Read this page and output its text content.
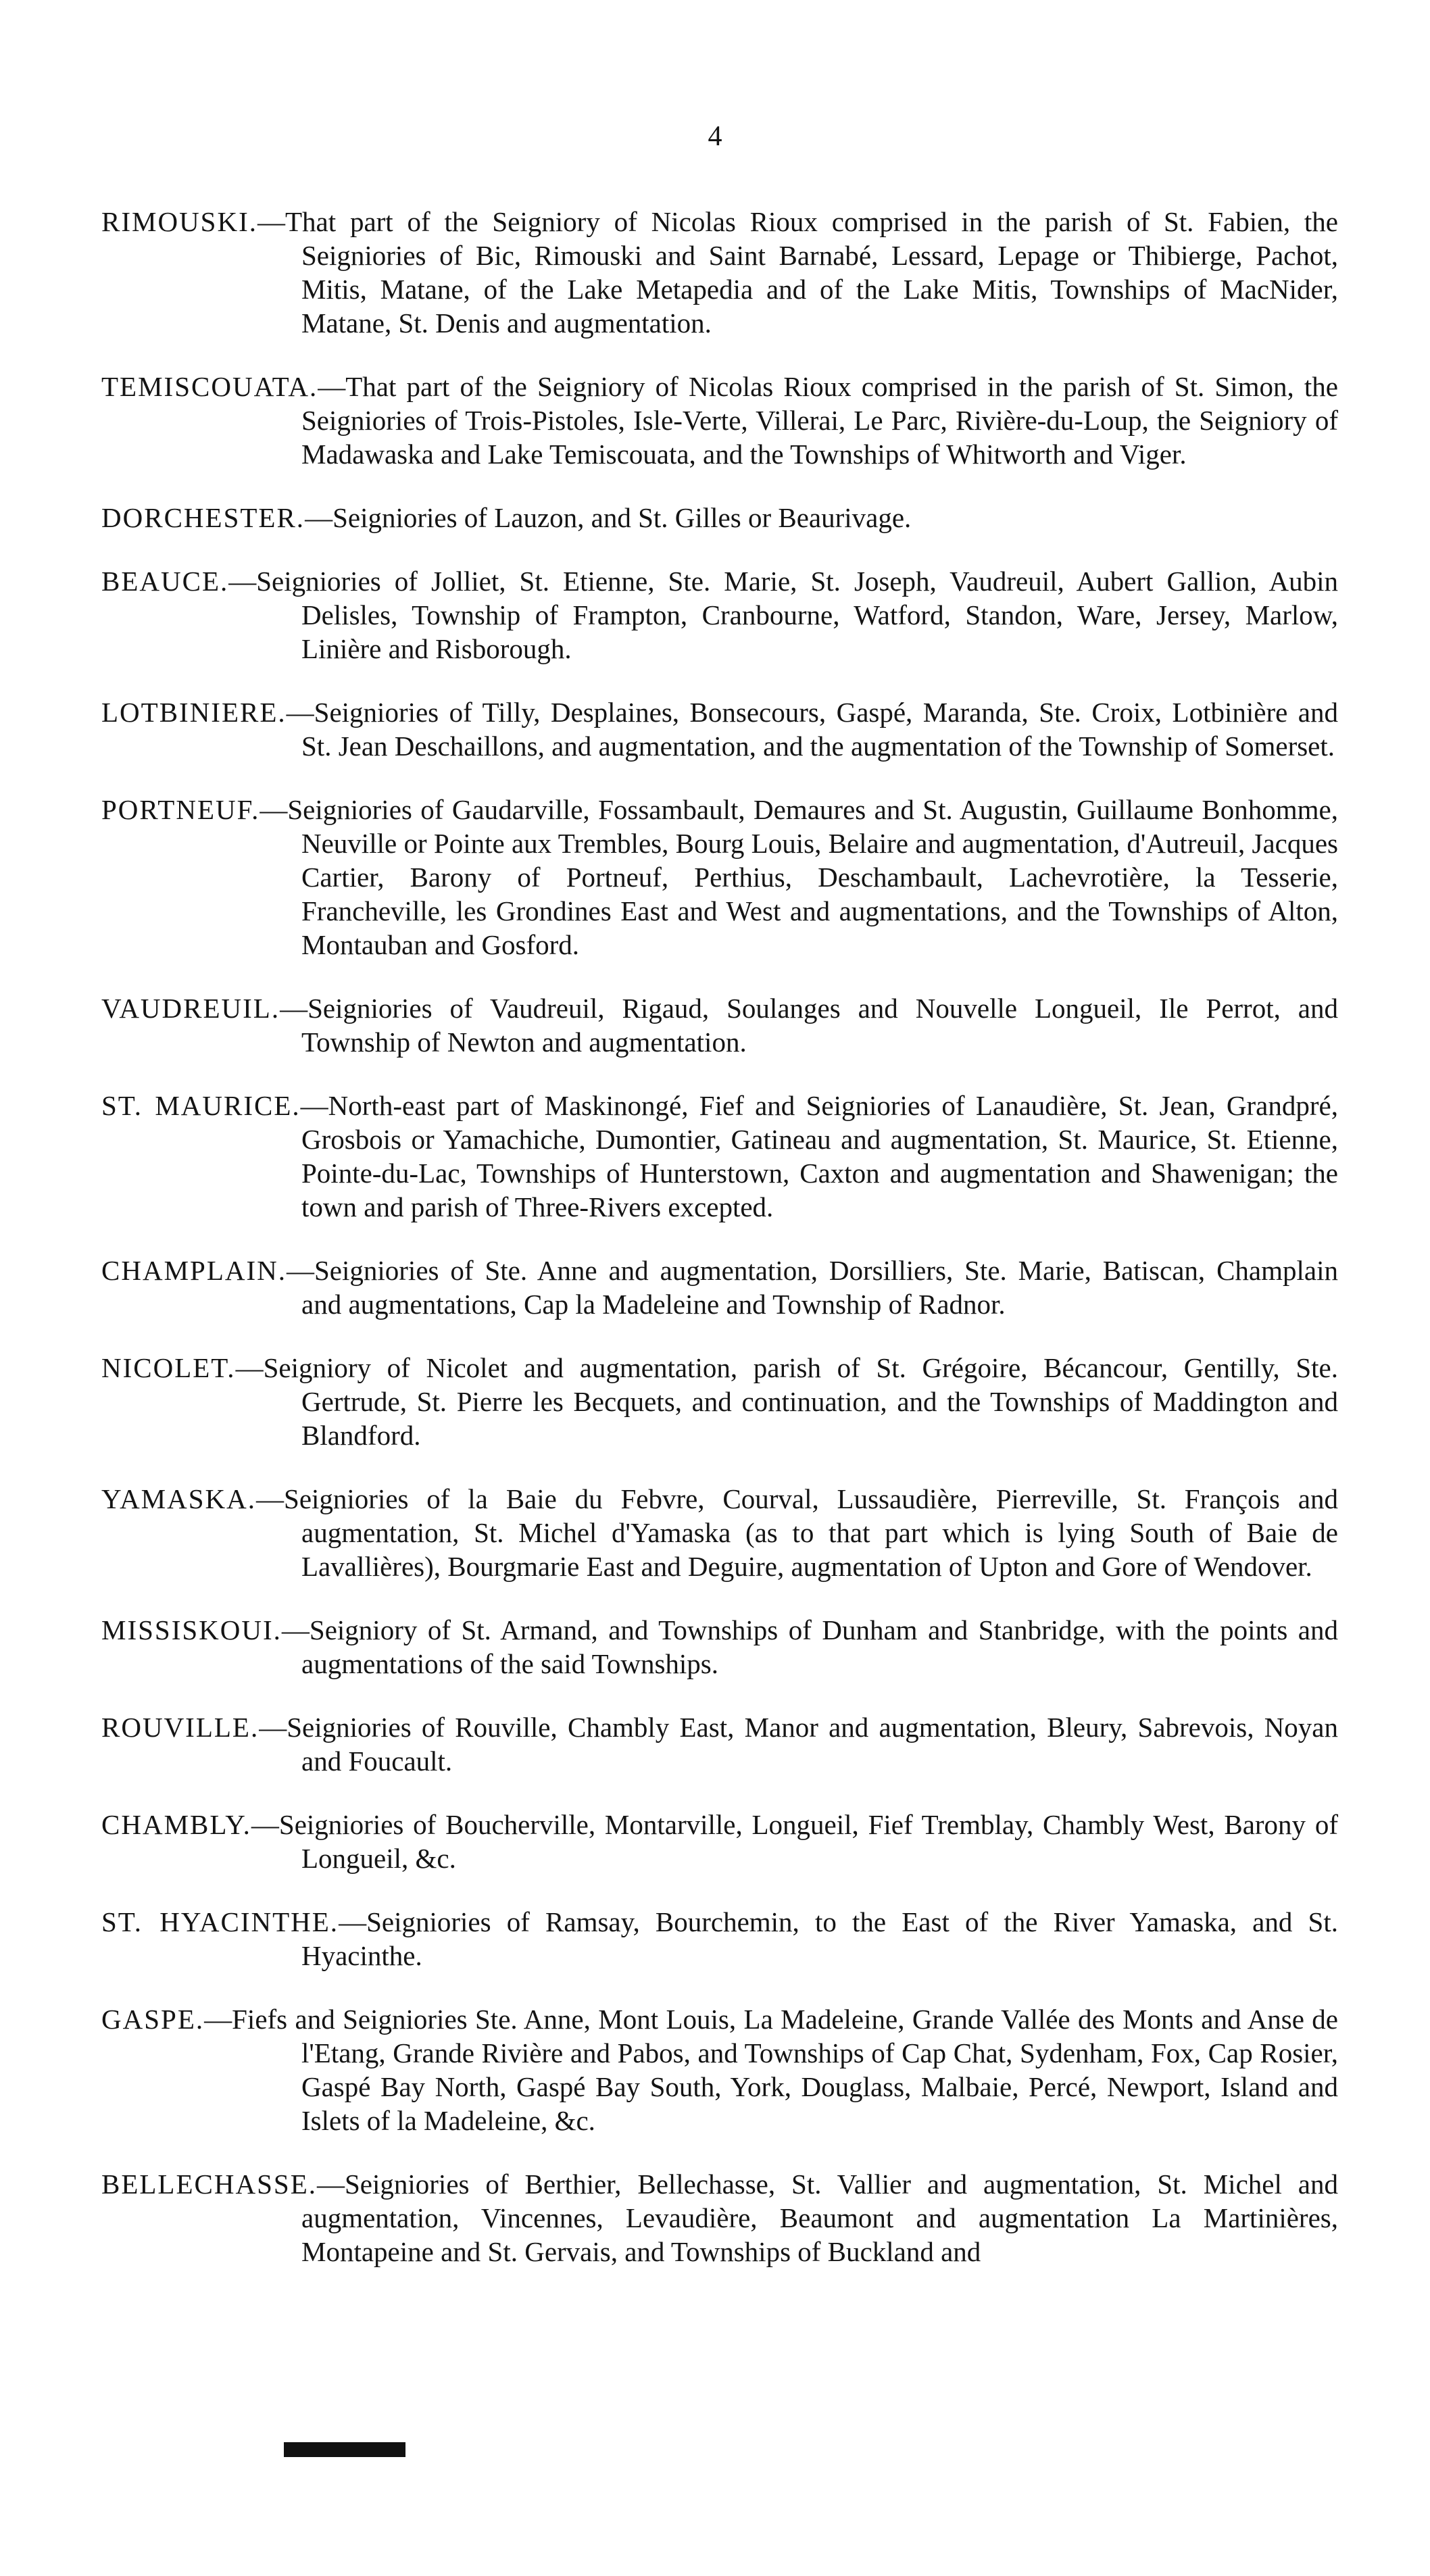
4

RIMOUSKI.—That part of the Seigniory of Nicolas Rioux comprised in the parish of St. Fabien, the Seigniories of Bic, Rimouski and Saint Barnabé, Lessard, Lepage or Thibierge, Pachot, Mitis, Matane, of the Lake Metapedia and of the Lake Mitis, Townships of MacNider, Matane, St. Denis and augmentation.

TEMISCOUATA.—That part of the Seigniory of Nicolas Rioux comprised in the parish of St. Simon, the Seigniories of Trois-Pistoles, Isle-Verte, Villerai, Le Parc, Rivière-du-Loup, the Seigniory of Madawaska and Lake Temiscouata, and the Townships of Whitworth and Viger.

DORCHESTER.—Seigniories of Lauzon, and St. Gilles or Beaurivage.

BEAUCE.—Seigniories of Jolliet, St. Etienne, Ste. Marie, St. Joseph, Vaudreuil, Aubert Gallion, Aubin Delisles, Township of Frampton, Cranbourne, Watford, Standon, Ware, Jersey, Marlow, Linière and Risborough.

LOTBINIERE.—Seigniories of Tilly, Desplaines, Bonsecours, Gaspé, Maranda, Ste. Croix, Lotbinière and St. Jean Deschaillons, and augmentation, and the augmentation of the Township of Somerset.

PORTNEUF.—Seigniories of Gaudarville, Fossambault, Demaures and St. Augustin, Guillaume Bonhomme, Neuville or Pointe aux Trembles, Bourg Louis, Belaire and augmentation, d'Autreuil, Jacques Cartier, Barony of Portneuf, Perthius, Deschambault, Lachevrotière, la Tesserie, Francheville, les Grondines East and West and augmentations, and the Townships of Alton, Montauban and Gosford.

VAUDREUIL.—Seigniories of Vaudreuil, Rigaud, Soulanges and Nouvelle Longueil, Ile Perrot, and Township of Newton and augmentation.

ST. MAURICE.—North-east part of Maskinongé, Fief and Seigniories of Lanaudière, St. Jean, Grandpré, Grosbois or Yamachiche, Dumontier, Gatineau and augmentation, St. Maurice, St. Etienne, Pointe-du-Lac, Townships of Hunterstown, Caxton and augmentation and Shawenigan; the town and parish of Three-Rivers excepted.

CHAMPLAIN.—Seigniories of Ste. Anne and augmentation, Dorsilliers, Ste. Marie, Batiscan, Champlain and augmentations, Cap la Madeleine and Township of Radnor.

NICOLET.—Seigniory of Nicolet and augmentation, parish of St. Grégoire, Bécancour, Gentilly, Ste. Gertrude, St. Pierre les Becquets, and continuation, and the Townships of Maddington and Blandford.

YAMASKA.—Seigniories of la Baie du Febvre, Courval, Lussaudière, Pierreville, St. François and augmentation, St. Michel d'Yamaska (as to that part which is lying South of Baie de Lavallières), Bourgmarie East and Deguire, augmentation of Upton and Gore of Wendover.

MISSISKOUI.—Seigniory of St. Armand, and Townships of Dunham and Stanbridge, with the points and augmentations of the said Townships.

ROUVILLE.—Seigniories of Rouville, Chambly East, Manor and augmentation, Bleury, Sabrevois, Noyan and Foucault.

CHAMBLY.—Seigniories of Boucherville, Montarville, Longueil, Fief Tremblay, Chambly West, Barony of Longueil, &c.

ST. HYACINTHE.—Seigniories of Ramsay, Bourchemin, to the East of the River Yamaska, and St. Hyacinthe.

GASPE.—Fiefs and Seigniories Ste. Anne, Mont Louis, La Madeleine, Grande Vallée des Monts and Anse de l'Etang, Grande Rivière and Pabos, and Townships of Cap Chat, Sydenham, Fox, Cap Rosier, Gaspé Bay North, Gaspé Bay South, York, Douglass, Malbaie, Percé, Newport, Island and Islets of la Madeleine, &c.

BELLECHASSE.—Seigniories of Berthier, Bellechasse, St. Vallier and augmentation, St. Michel and augmentation, Vincennes, Levaudière, Beaumont and augmentation La Martinières, Montapeine and St. Gervais, and Townships of Buckland and
